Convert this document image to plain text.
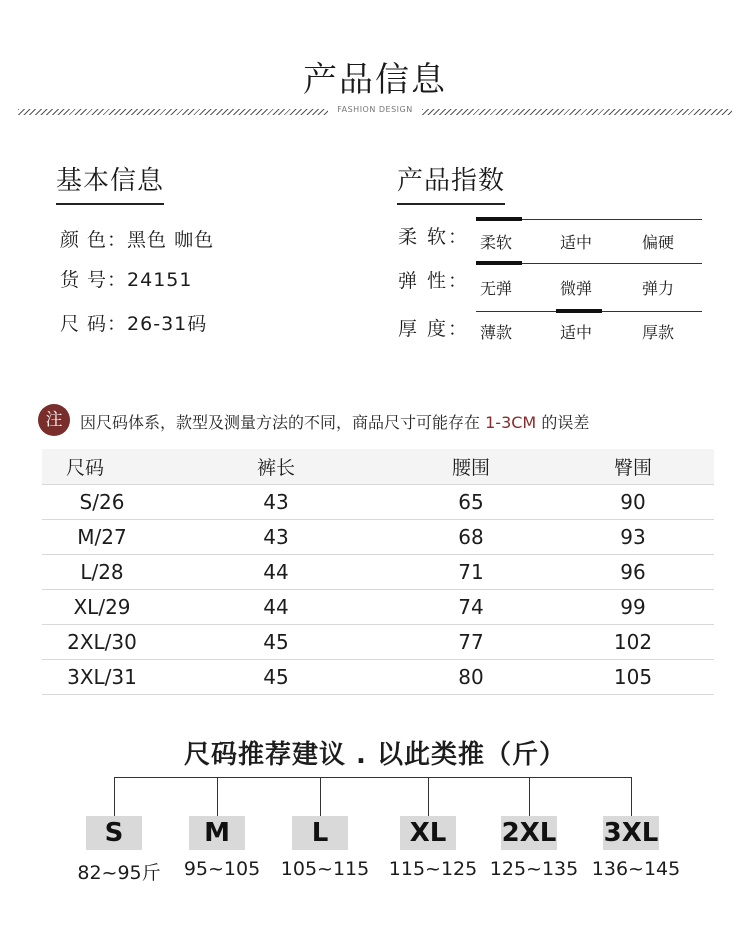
产品信息
FASHION DESIGN
基本信息
颜 色：黑色 咖色
货 号：24151
尺 码：26-31码
产品指数
柔 软： 柔软	适中	偏硬
弹 性： 无弹	微弹	弹力
厚 度： 薄款	适中	厚款
注	因尺码体系，款型及测量方法的不同，商品尺寸可能存在 1-3CM 的误差
尺码	裤长	腰围	臀围
S/26	43	65	90
M/27	43	68	93
L/28	44	71	96
XL/29	44	74	99
2XL/30	45	77	102
3XL/31	45	80	105
尺码推荐建议 . 以此类推（斤）
S	M	L	XL	2XL 3XL
82~95斤	95~105	105~115	115~125 125~135 136~145
